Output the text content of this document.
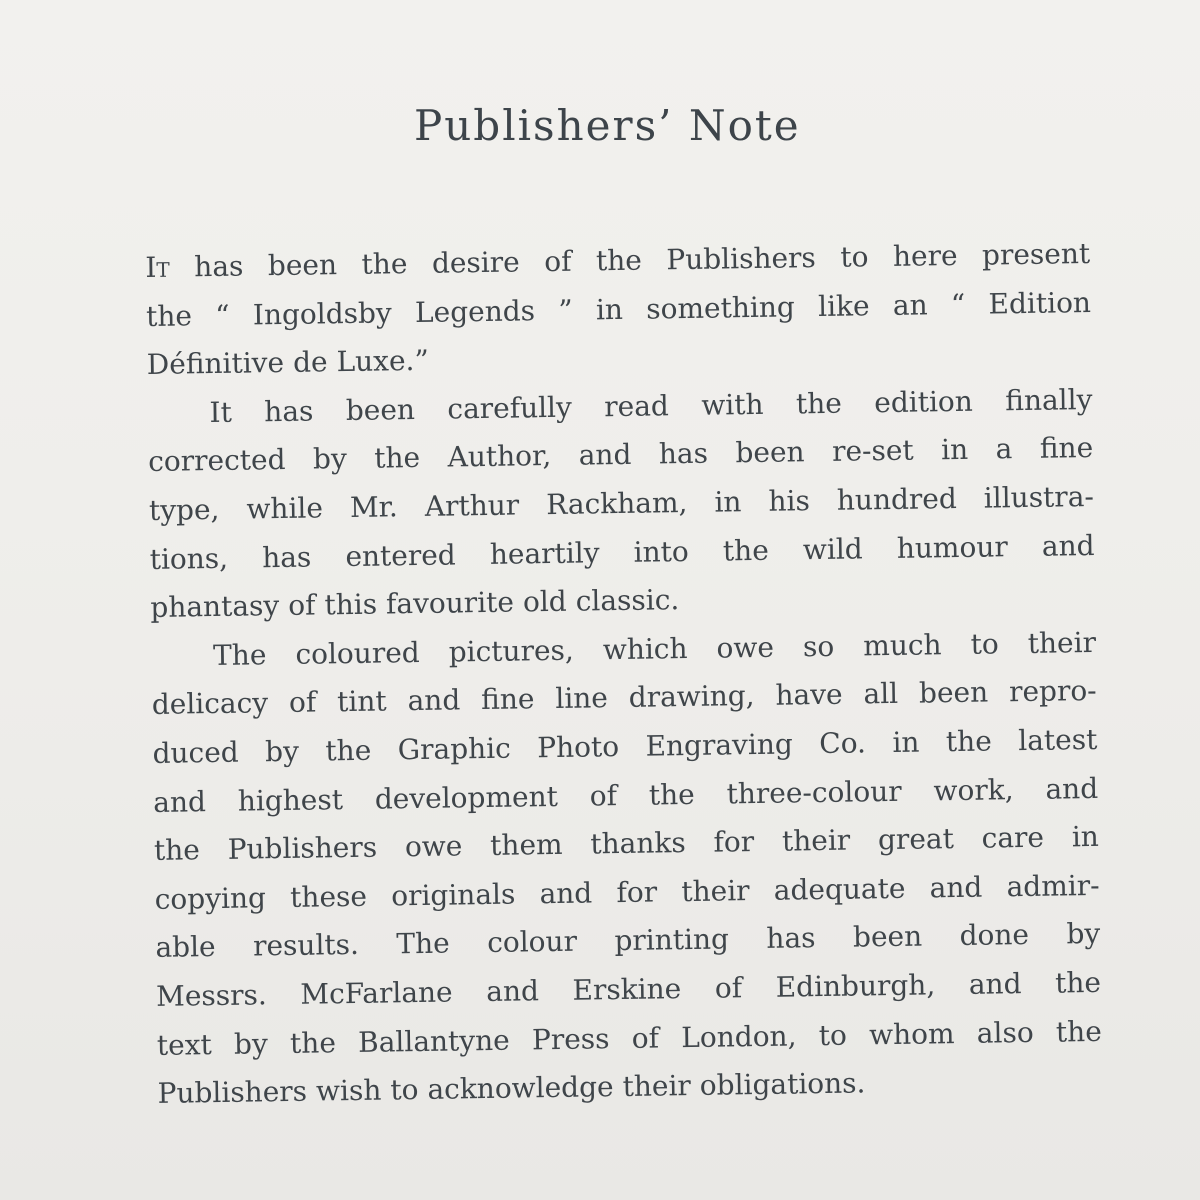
Publishers’ Note
It has been the desire of the Publishers to here present
the “ Ingoldsby Legends ” in something like an “ Edition
Définitive de Luxe.”
It has been carefully read with the edition finally
corrected by the Author, and has been re-set in a fine
type, while Mr. Arthur Rackham, in his hundred illustra-
tions, has entered heartily into the wild humour and
phantasy of this favourite old classic.
The coloured pictures, which owe so much to their
delicacy of tint and fine line drawing, have all been repro-
duced by the Graphic Photo Engraving Co. in the latest
and highest development of the three-colour work, and
the Publishers owe them thanks for their great care in
copying these originals and for their adequate and admir-
able results. The colour printing has been done by
Messrs. McFarlane and Erskine of Edinburgh, and the
text by the Ballantyne Press of London, to whom also the
Publishers wish to acknowledge their obligations.
